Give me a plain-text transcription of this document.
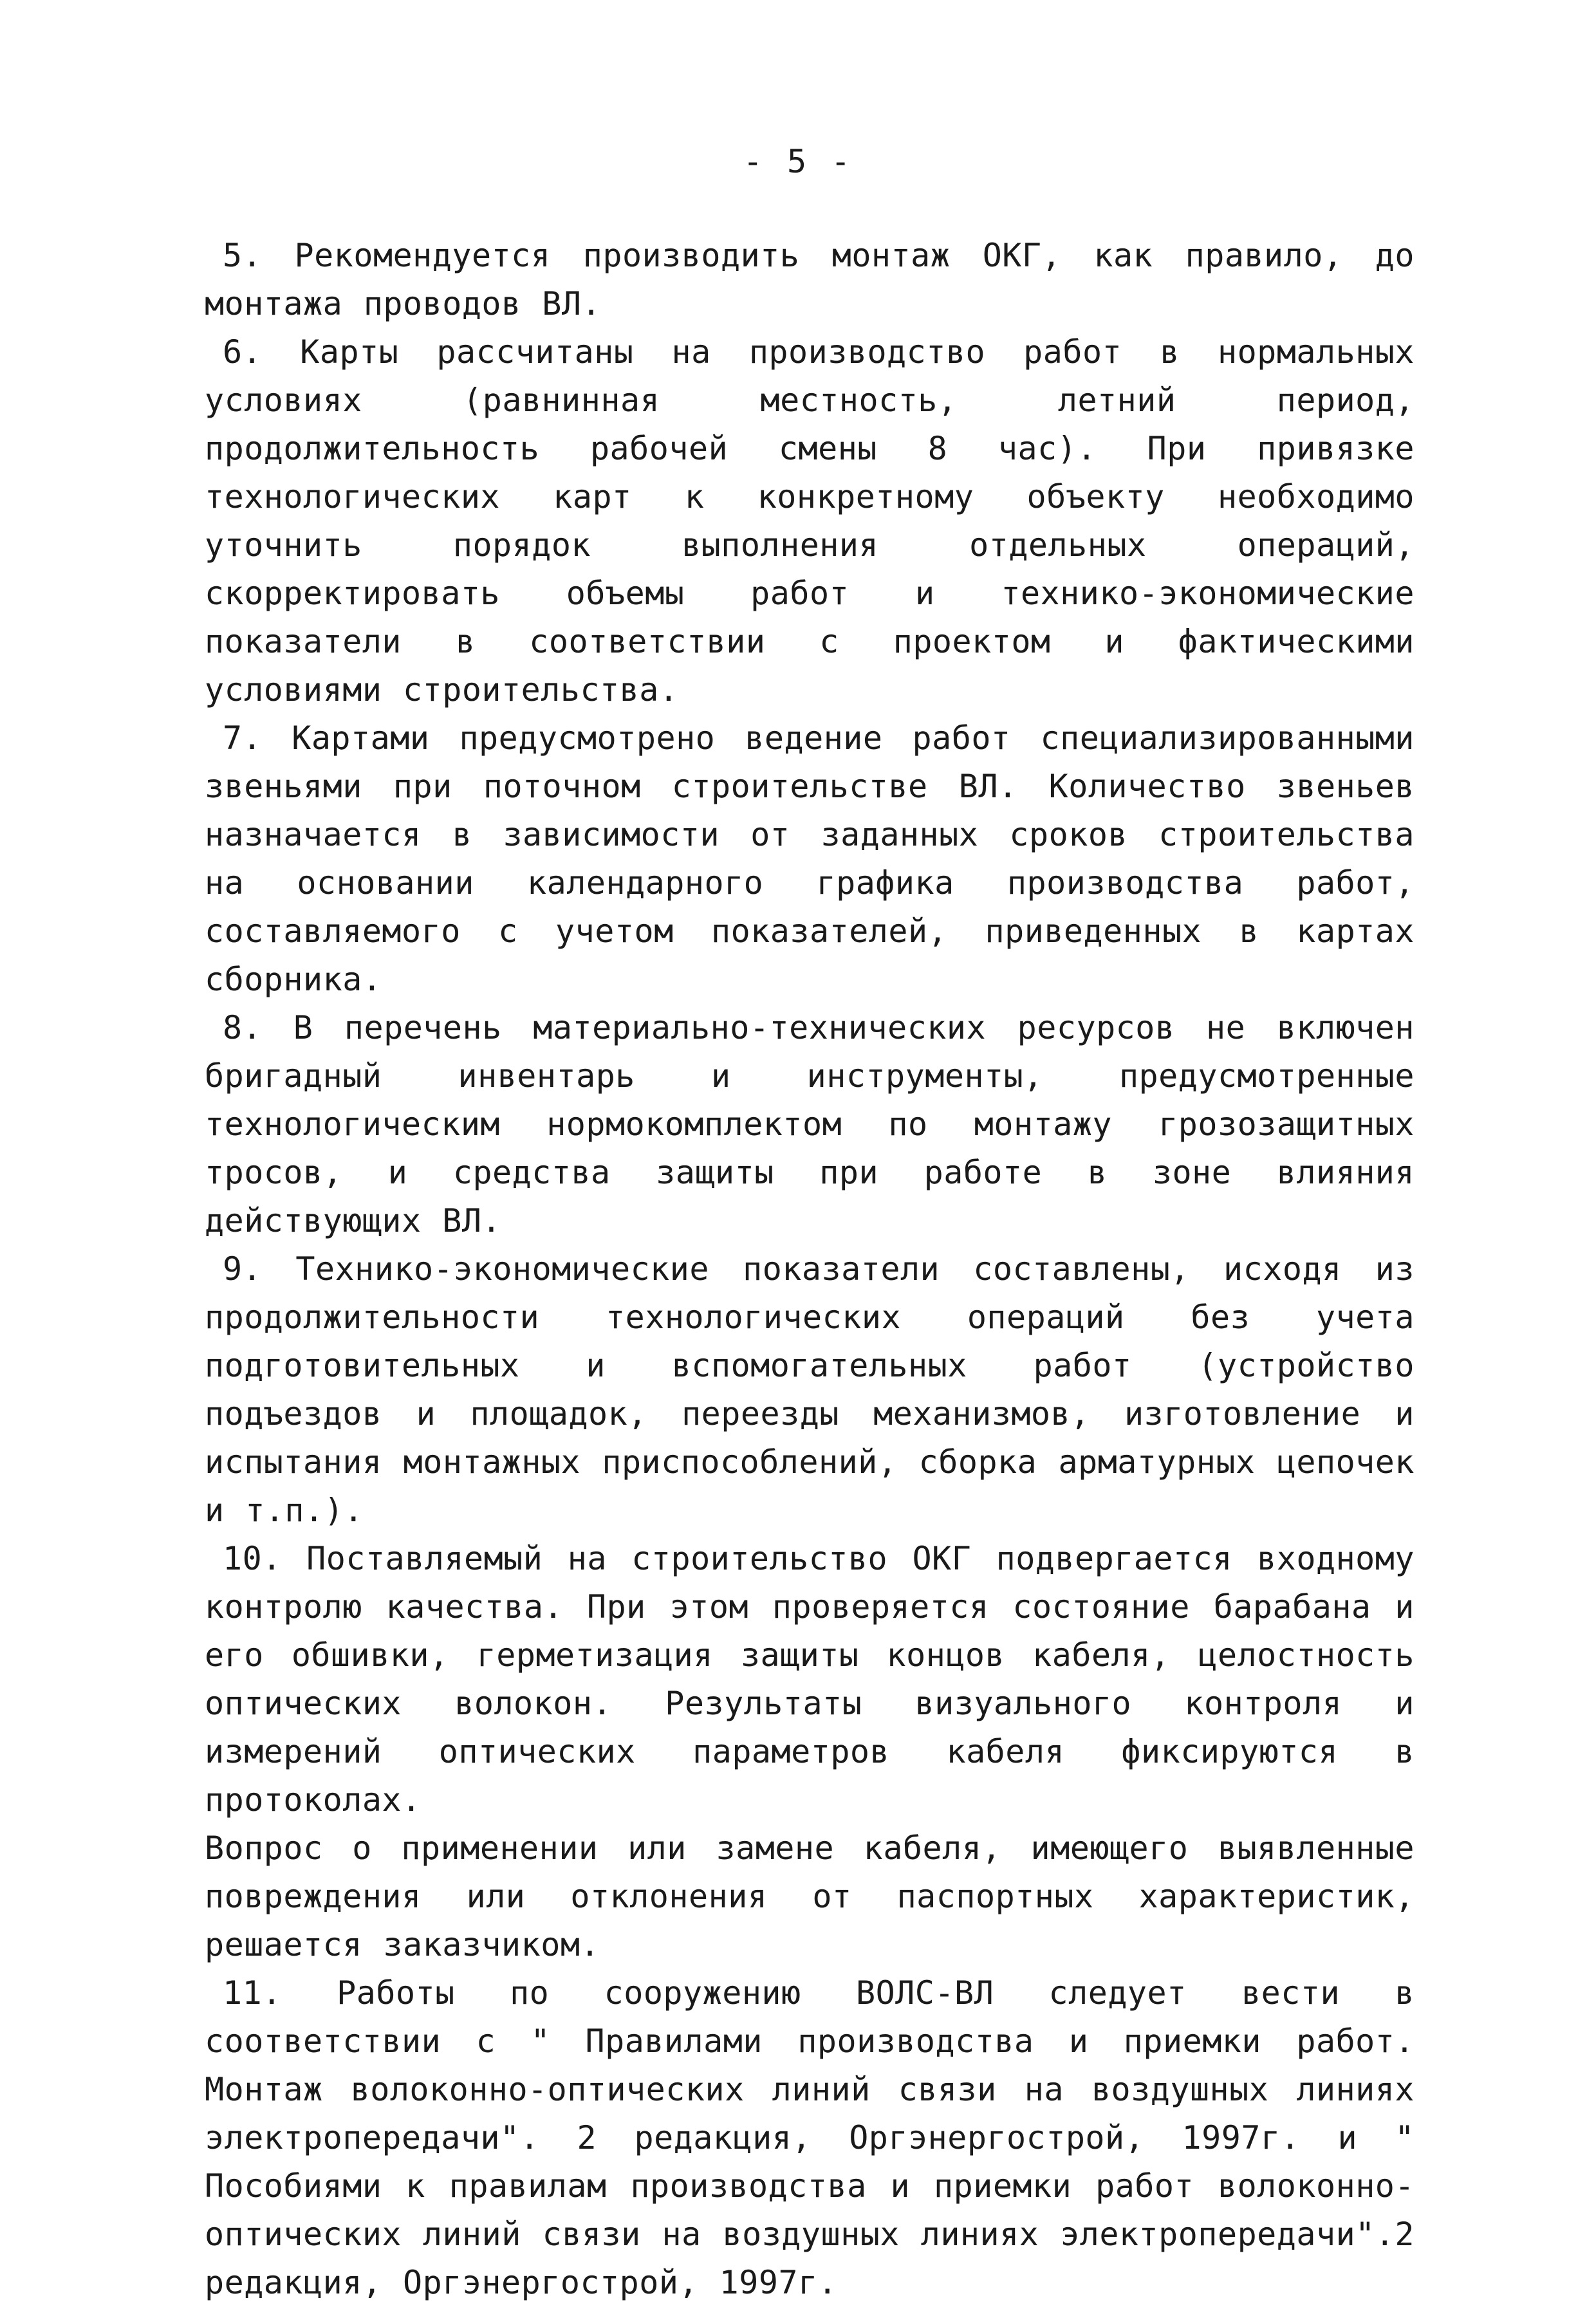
- 5 -

5. Рекомендуется производить монтаж ОКГ, как правило, до монтажа проводов ВЛ.

6. Карты рассчитаны на производство работ в нормальных условиях (равнинная местность, летний период, продолжительность рабочей смены 8 час). При привязке технологических карт к конкретному объекту необходимо уточнить порядок выполнения отдельных операций, скорректировать объемы работ и технико-экономические показатели в соответствии с проектом и фактическими условиями строительства.

7. Картами предусмотрено ведение работ специализированными звеньями при поточном строительстве ВЛ. Количество звеньев назначается в зависимости от заданных сроков строительства на основании календарного графика производства работ, составляемого с учетом показателей, приведенных в картах сборника.

8. В перечень материально-технических ресурсов не включен бригадный инвентарь и инструменты, предусмотренные технологическим нормокомплектом по монтажу грозозащитных тросов, и средства защиты при работе в зоне влияния действующих ВЛ.

9. Технико-экономические показатели составлены, исходя из продолжительности технологических операций без учета подготовительных и вспомогательных работ (устройство подъездов и площадок, переезды механизмов, изготовление и испытания монтажных приспособлений, сборка арматурных цепочек и т.п.).

10. Поставляемый на строительство ОКГ подвергается входному контролю качества. При этом проверяется состояние барабана и его обшивки, герметизация защиты концов кабеля, целостность оптических волокон. Результаты визуального контроля и измерений оптических параметров кабеля фиксируются в протоколах.

Вопрос о применении или замене кабеля, имеющего выявленные повреждения или отклонения от паспортных характеристик, решается заказчиком.

11. Работы по сооружению ВОЛС-ВЛ следует вести в соответствии с " Правилами производства и приемки работ. Монтаж волоконно-оптических линий связи на воздушных линиях электропередачи". 2 редакция, Оргэнергострой, 1997г. и " Пособиями к правилам производства и приемки работ волоконно-оптических линий связи на воздушных линиях электропередачи".2 редакция, Оргэнергострой, 1997г.
